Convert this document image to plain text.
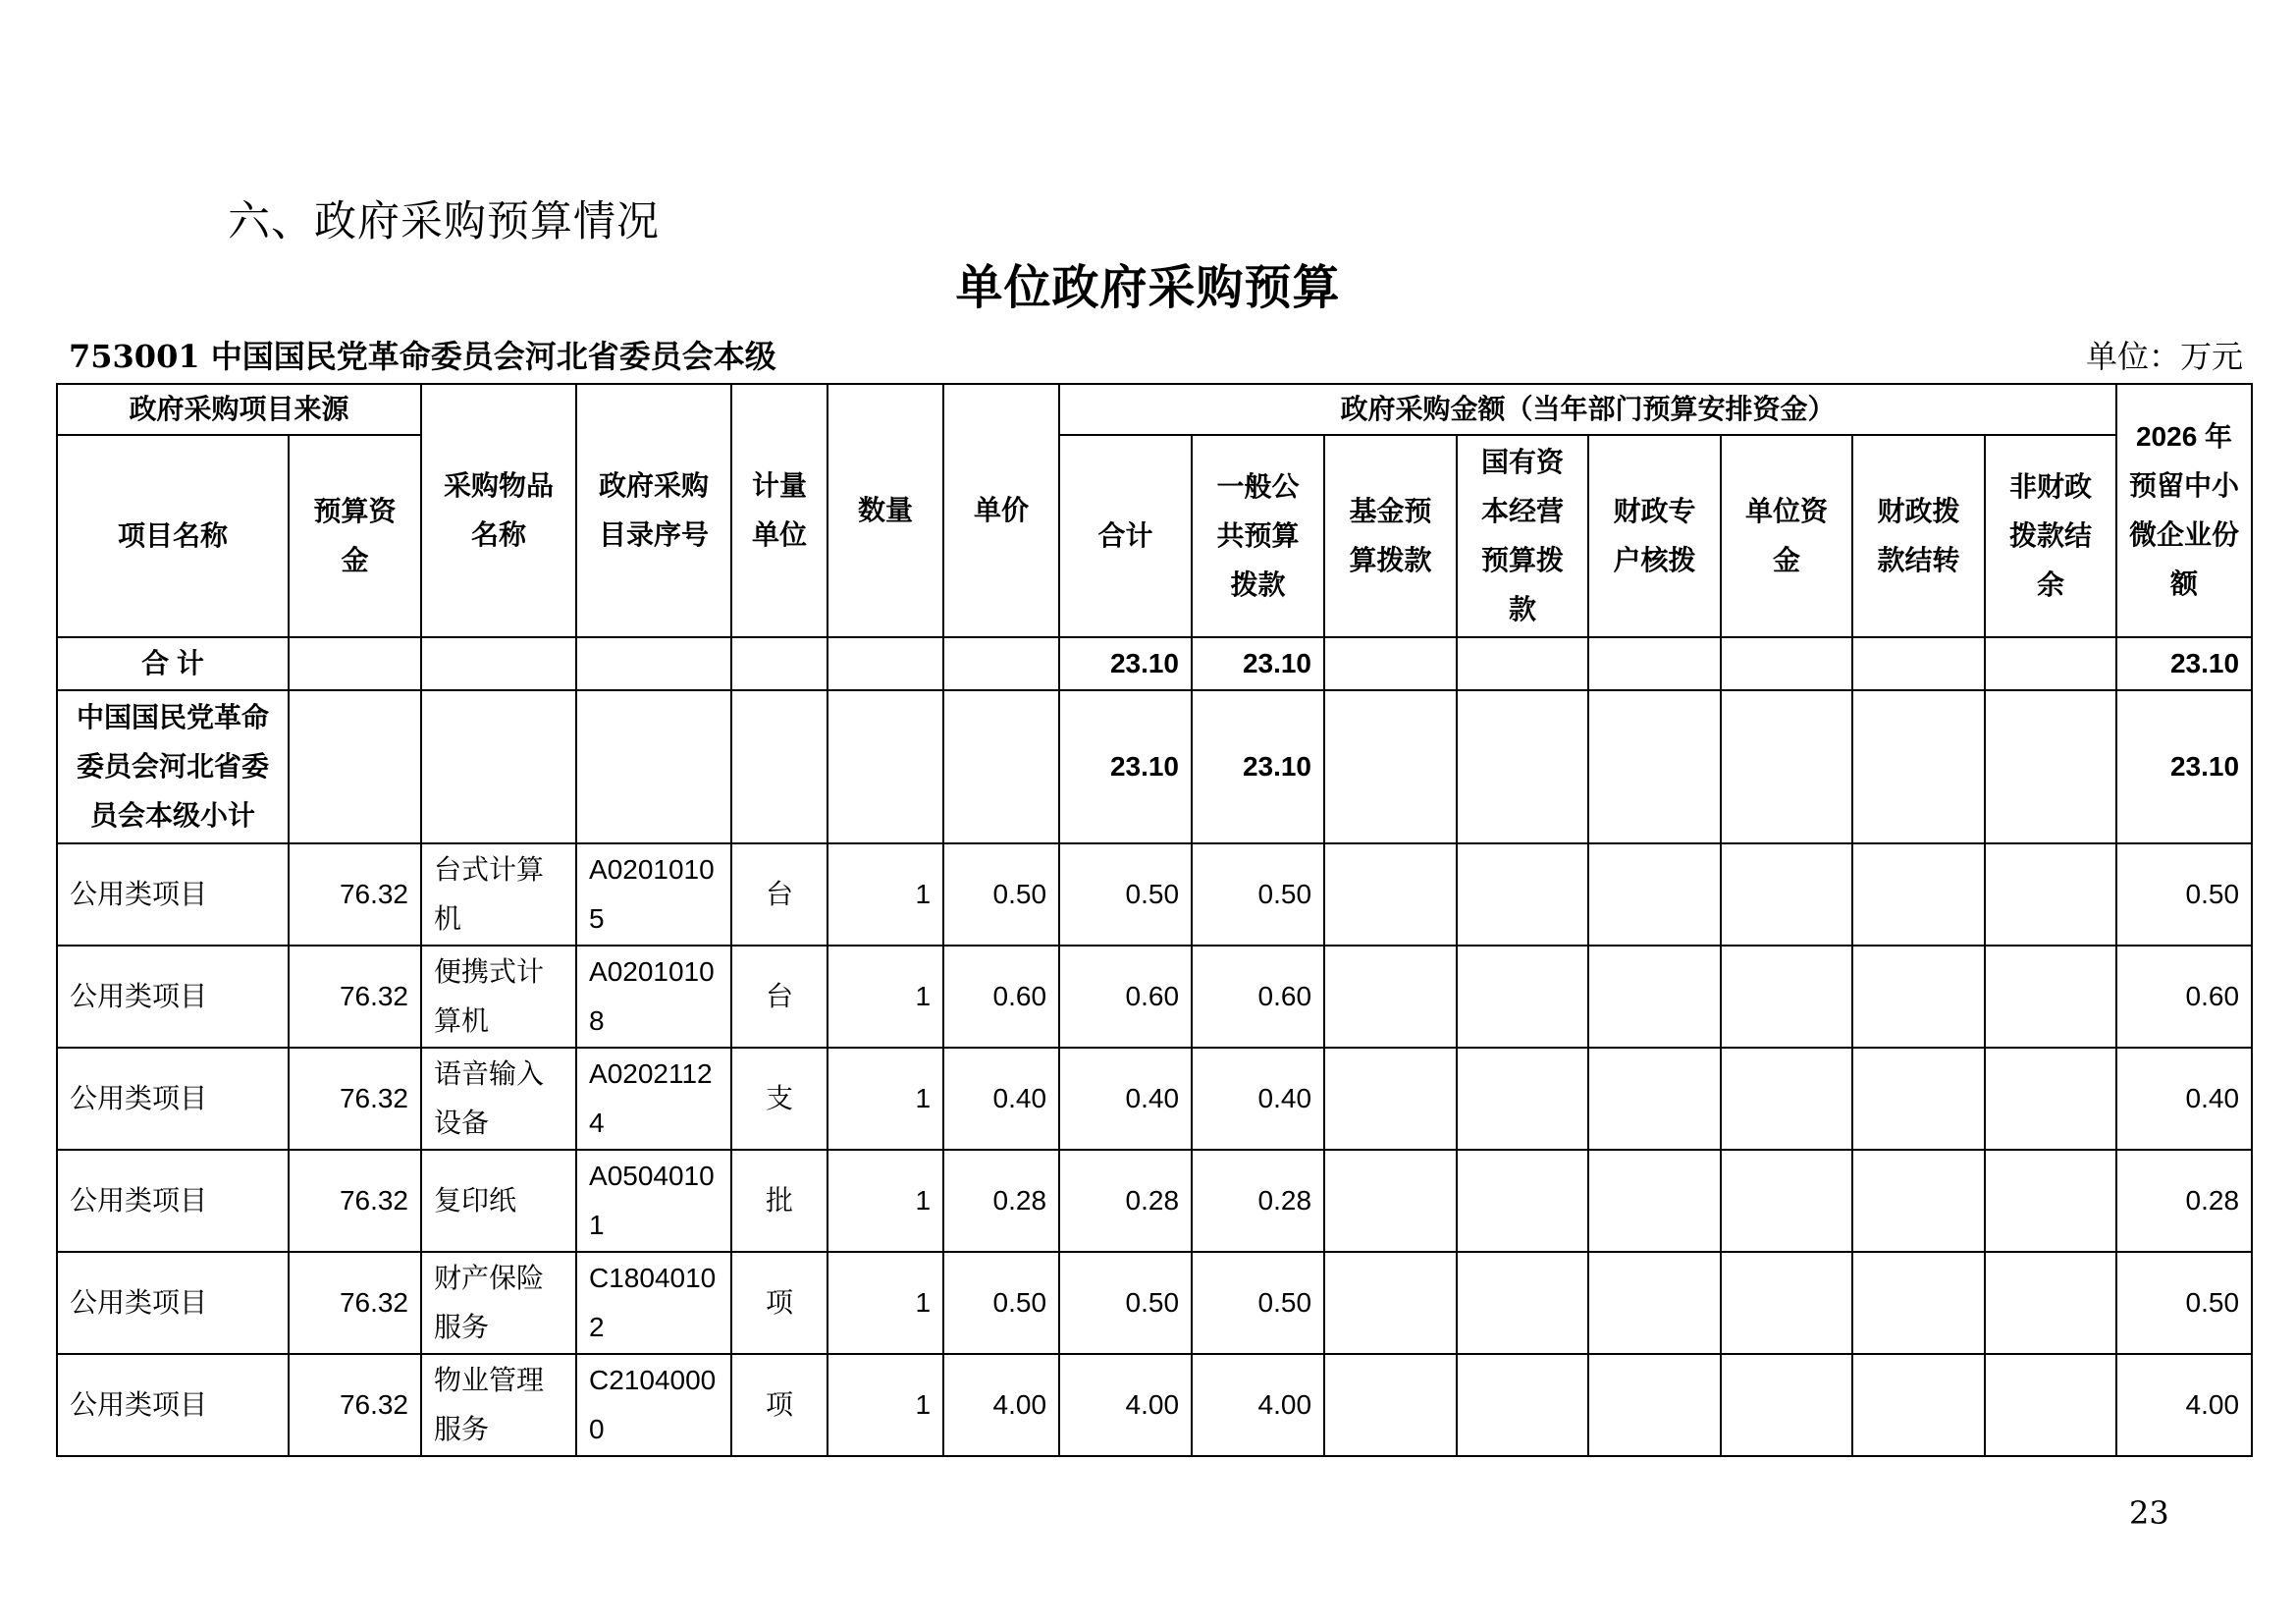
六、政府采购预算情况
单位政府采购预算
753001 中国国民党革命委员会河北省委员会本级	单位：万元
政府采购项目来源		采购物品名称	政府采购目录序号	计量单位	数量	单价	政府采购金额（当年部门预算安排资金）								2026 年预留中小微企业份额
项目名称	预算资金						合计	一般公共预算拨款	基金预算拨款	国有资本经营预算拨款	财政专户核拨	单位资金	财政拨款结转	非财政拨款结余	
合 计							23.10	23.10							23.10
中国国民党革命委员会河北省委员会本级小计							23.10	23.10							23.10
公用类项目	76.32	台式计算机	A02010105	台	1	0.50	0.50	0.50							0.50
公用类项目	76.32	便携式计算机	A02010108	台	1	0.60	0.60	0.60							0.60
公用类项目	76.32	语音输入设备	A02021124	支	1	0.40	0.40	0.40							0.40
公用类项目	76.32	复印纸	A05040101	批	1	0.28	0.28	0.28							0.28
公用类项目	76.32	财产保险服务	C18040102	项	1	0.50	0.50	0.50							0.50
公用类项目	76.32	物业管理服务	C21040000	项	1	4.00	4.00	4.00							4.00
23
